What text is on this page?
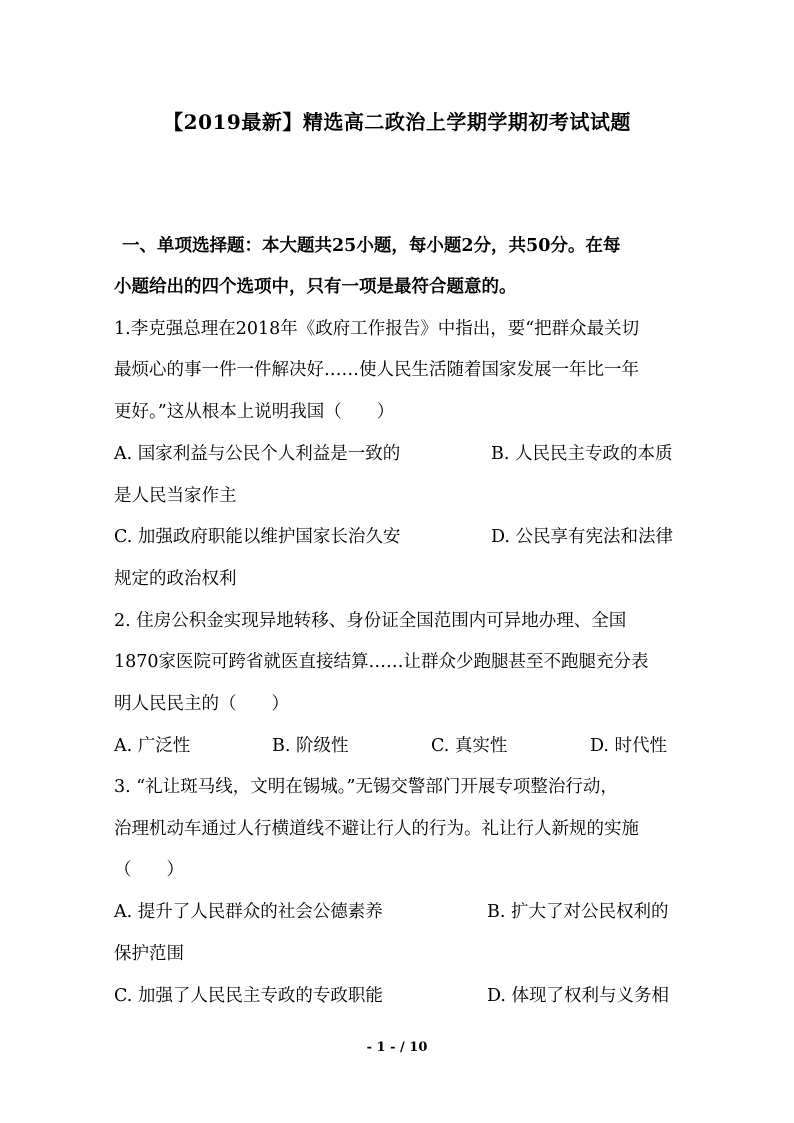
【2019最新】精选高二政治上学期学期初考试试题
一、单项选择题：本大题共25小题，每小题2分，共50分。在每
小题给出的四个选项中，只有一项是最符合题意的。
1.李克强总理在2018年《政府工作报告》中指出，要“把群众最关切
最烦心的事一件一件解决好……使人民生活随着国家发展一年比一年
更好。”这从根本上说明我国（　　）
A. 国家利益与公民个人利益是一致的	B. 人民民主专政的本质
是人民当家作主
C. 加强政府职能以维护国家长治久安	D. 公民享有宪法和法律
规定的政治权利
2. 住房公积金实现异地转移、身份证全国范围内可异地办理、全国
1870家医院可跨省就医直接结算……让群众少跑腿甚至不跑腿充分表
明人民民主的（　　）
A. 广泛性	B. 阶级性	C. 真实性	D. 时代性
3. “礼让斑马线，文明在锡城。”无锡交警部门开展专项整治行动，
治理机动车通过人行横道线不避让行人的行为。礼让行人新规的实施
（　　）
A. 提升了人民群众的社会公德素养	B. 扩大了对公民权利的
保护范围
C. 加强了人民民主专政的专政职能	D. 体现了权利与义务相
- 1 - / 10
